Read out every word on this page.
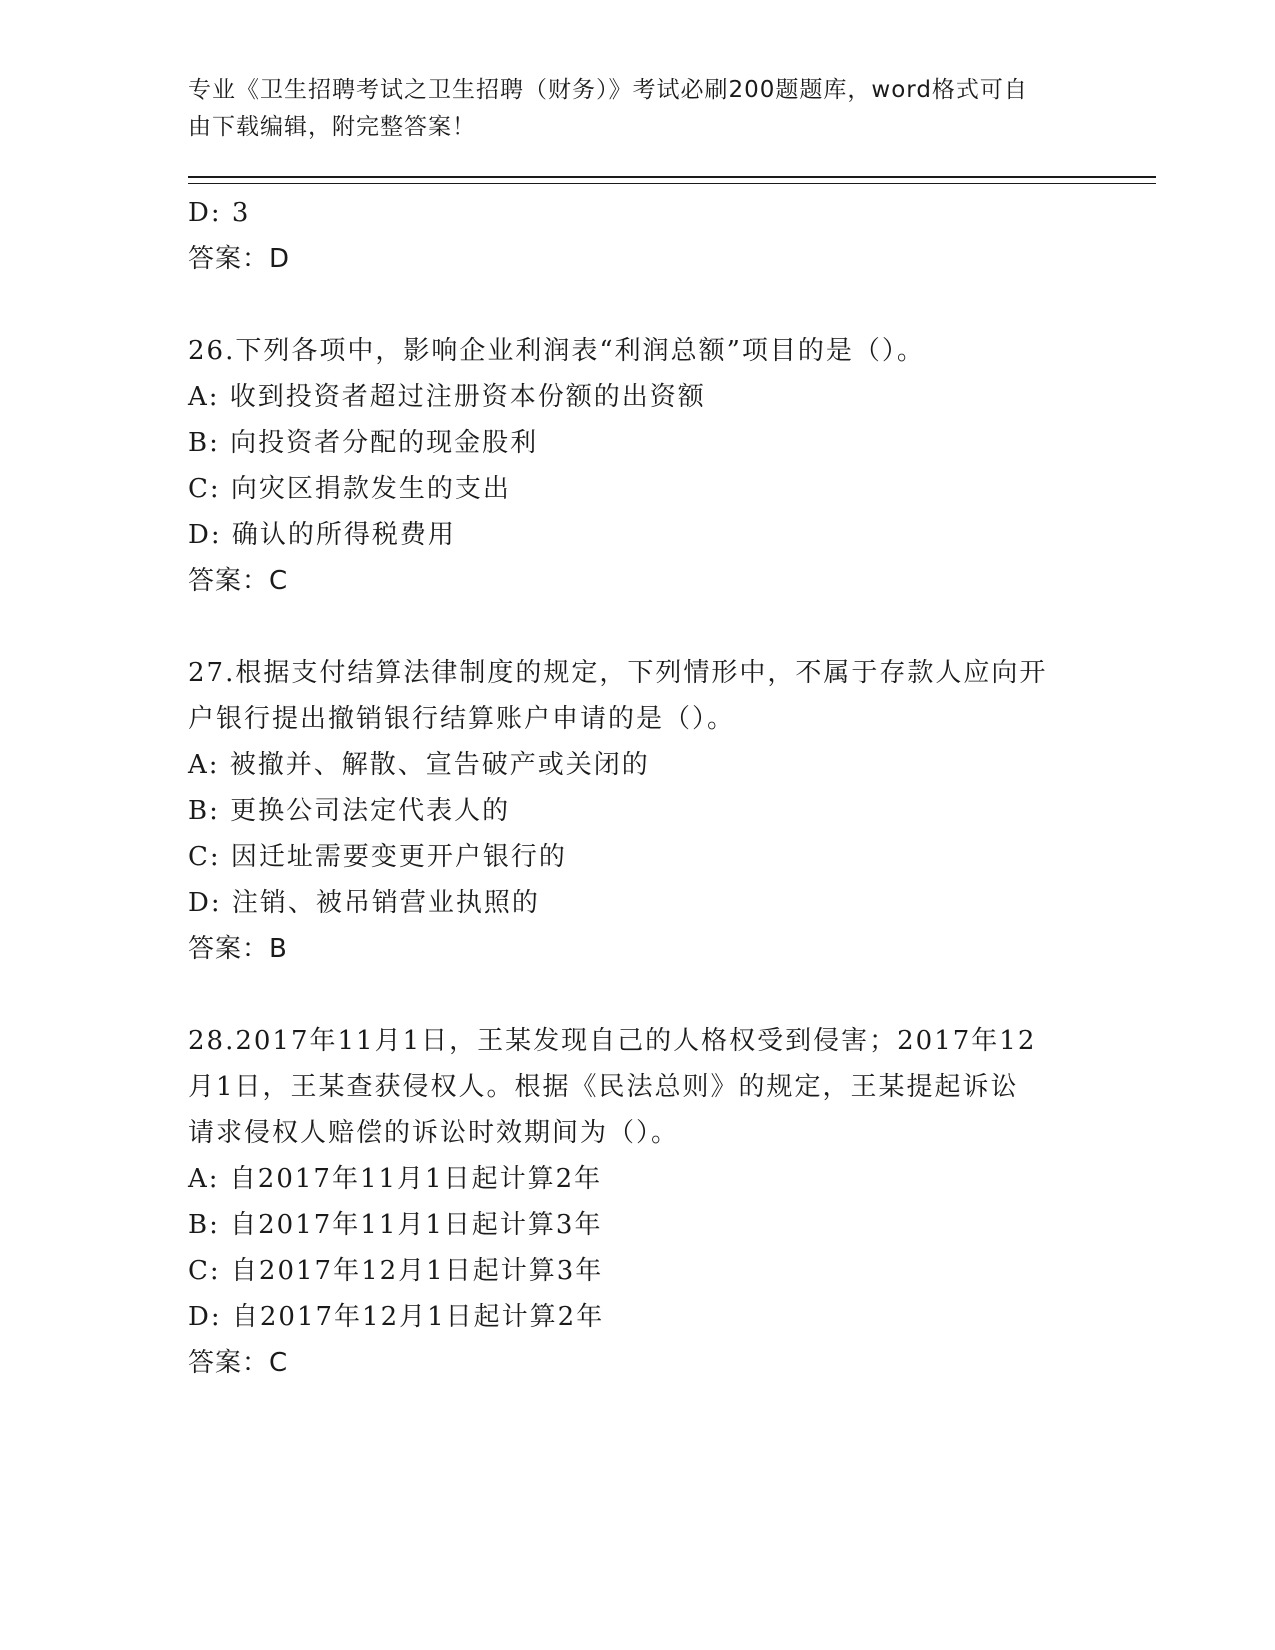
专业《卫生招聘考试之卫生招聘（财务）》考试必刷200题题库，word格式可自
由下载编辑，附完整答案！
D: 3
答案：D
26.下列各项中，影响企业利润表“利润总额”项目的是（）。
A: 收到投资者超过注册资本份额的出资额
B: 向投资者分配的现金股利
C: 向灾区捐款发生的支出
D: 确认的所得税费用
答案：C
27.根据支付结算法律制度的规定，下列情形中，不属于存款人应向开
户银行提出撤销银行结算账户申请的是（）。
A: 被撤并、解散、宣告破产或关闭的
B: 更换公司法定代表人的
C: 因迁址需要变更开户银行的
D: 注销、被吊销营业执照的
答案：B
28.2017年11月1日，王某发现自己的人格权受到侵害；2017年12
月1日，王某查获侵权人。根据《民法总则》的规定，王某提起诉讼
请求侵权人赔偿的诉讼时效期间为（）。
A: 自2017年11月1日起计算2年
B: 自2017年11月1日起计算3年
C: 自2017年12月1日起计算3年
D: 自2017年12月1日起计算2年
答案：C
